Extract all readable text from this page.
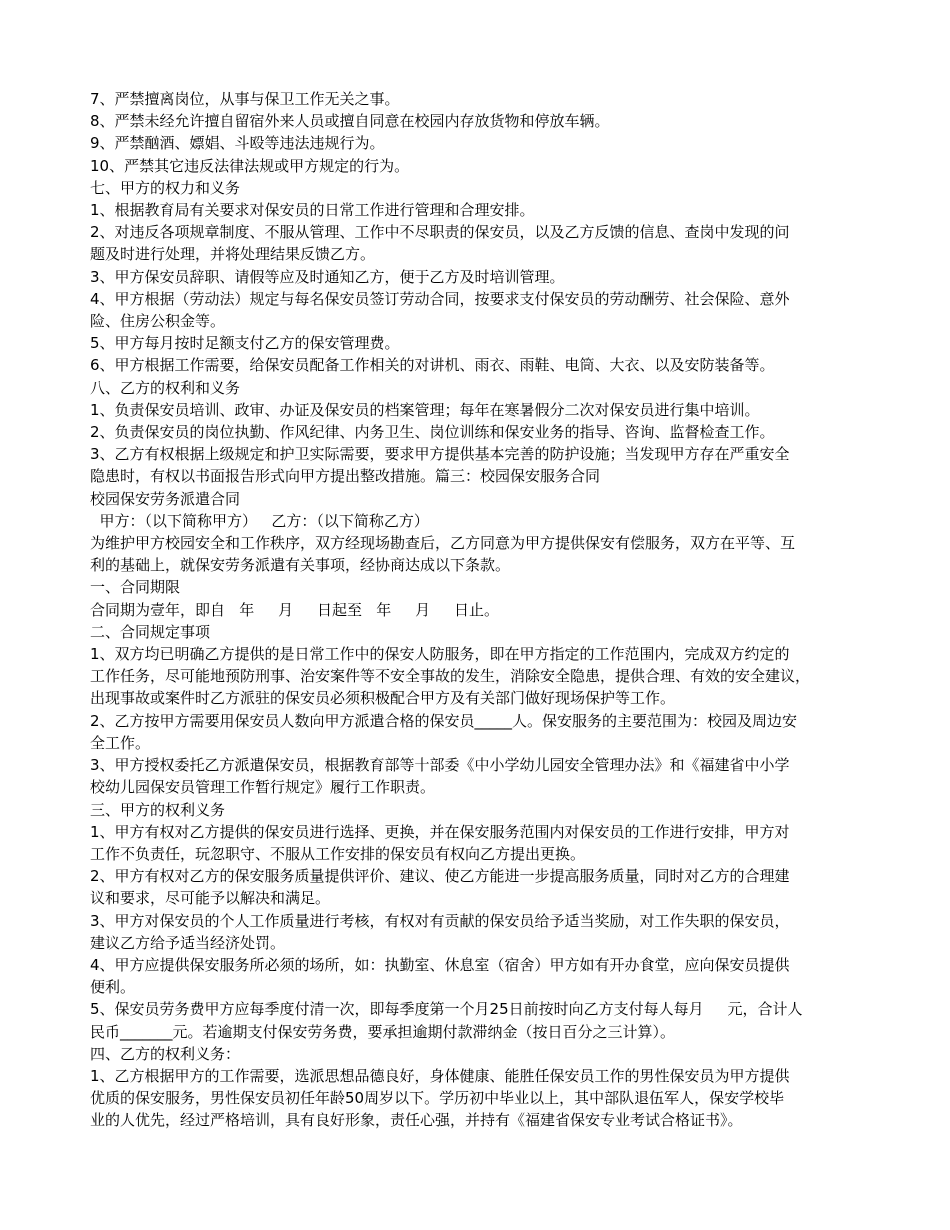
7、严禁擅离岗位，从事与保卫工作无关之事。
8、严禁未经允许擅自留宿外来人员或擅自同意在校园内存放货物和停放车辆。
9、严禁酗酒、嫖娼、斗殴等违法违规行为。
10、严禁其它违反法律法规或甲方规定的行为。
七、甲方的权力和义务
1、根据教育局有关要求对保安员的日常工作进行管理和合理安排。
2、对违反各项规章制度、不服从管理、工作中不尽职责的保安员，以及乙方反馈的信息、查岗中发现的问
题及时进行处理，并将处理结果反馈乙方。
3、甲方保安员辞职、请假等应及时通知乙方，便于乙方及时培训管理。
4、甲方根据（劳动法）规定与每名保安员签订劳动合同，按要求支付保安员的劳动酬劳、社会保险、意外
险、住房公积金等。
5、甲方每月按时足额支付乙方的保安管理费。
6、甲方根据工作需要，给保安员配备工作相关的对讲机、雨衣、雨鞋、电筒、大衣、以及安防装备等。
八、乙方的权利和义务
1、负责保安员培训、政审、办证及保安员的档案管理；每年在寒暑假分二次对保安员进行集中培训。
2、负责保安员的岗位执勤、作风纪律、内务卫生、岗位训练和保安业务的指导、咨询、监督检查工作。
3、乙方有权根据上级规定和护卫实际需要，要求甲方提供基本完善的防护设施；当发现甲方存在严重安全
隐患时，有权以书面报告形式向甲方提出整改措施。篇三：校园保安服务合同
校园保安劳务派遣合同
甲方：（以下简称甲方）   乙方：（以下简称乙方）
为维护甲方校园安全和工作秩序，双方经现场勘查后，乙方同意为甲方提供保安有偿服务，双方在平等、互
利的基础上，就保安劳务派遣有关事项，经协商达成以下条款。
一、合同期限
合同期为壹年，即自   年     月     日起至   年     月     日止。
二、合同规定事项
1、双方均已明确乙方提供的是日常工作中的保安人防服务，即在甲方指定的工作范围内，完成双方约定的
工作任务，尽可能地预防刑事、治安案件等不安全事故的发生，消除安全隐患，提供合理、有效的安全建议，
出现事故或案件时乙方派驻的保安员必须积极配合甲方及有关部门做好现场保护等工作。
2、乙方按甲方需要用保安员人数向甲方派遣合格的保安员_____人。保安服务的主要范围为：校园及周边安
全工作。
3、甲方授权委托乙方派遣保安员，根据教育部等十部委《中小学幼儿园安全管理办法》和《福建省中小学
校幼儿园保安员管理工作暂行规定》履行工作职责。
三、甲方的权利义务
1、甲方有权对乙方提供的保安员进行选择、更换，并在保安服务范围内对保安员的工作进行安排，甲方对
工作不负责任，玩忽职守、不服从工作安排的保安员有权向乙方提出更换。
2、甲方有权对乙方的保安服务质量提供评价、建议、使乙方能进一步提高服务质量，同时对乙方的合理建
议和要求，尽可能予以解决和满足。
3、甲方对保安员的个人工作质量进行考核，有权对有贡献的保安员给予适当奖励，对工作失职的保安员，
建议乙方给予适当经济处罚。
4、甲方应提供保安服务所必须的场所，如：执勤室、休息室（宿舍）甲方如有开办食堂，应向保安员提供
便利。
5、保安员劳务费甲方应每季度付清一次，即每季度第一个月25日前按时向乙方支付每人每月     元，合计人
民币_______元。若逾期支付保安劳务费，要承担逾期付款滞纳金（按日百分之三计算）。
四、乙方的权利义务：
1、乙方根据甲方的工作需要，选派思想品德良好，身体健康、能胜任保安员工作的男性保安员为甲方提供
优质的保安服务，男性保安员初任年龄50周岁以下。学历初中毕业以上，其中部队退伍军人，保安学校毕
业的人优先，经过严格培训，具有良好形象，责任心强，并持有《福建省保安专业考试合格证书》。
